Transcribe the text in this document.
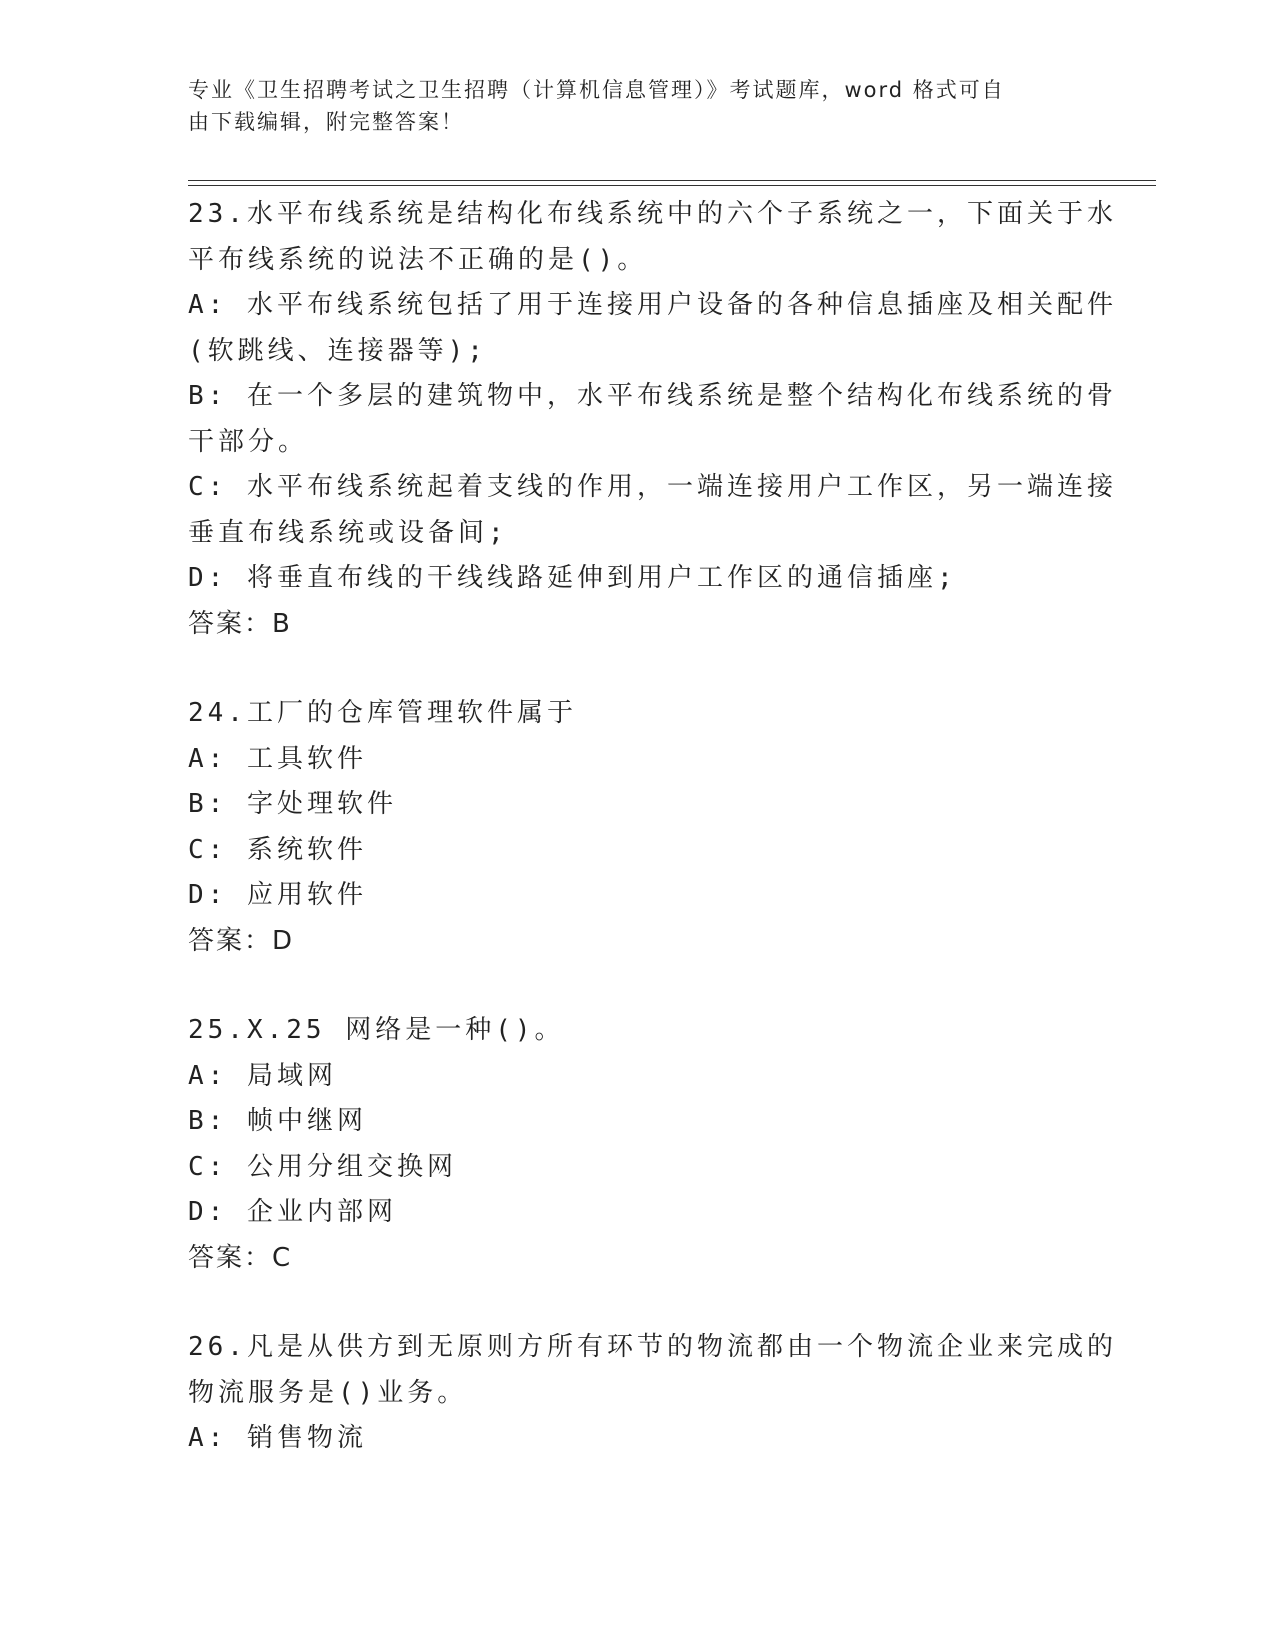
专业《卫生招聘考试之卫生招聘（计算机信息管理）》考试题库，word 格式可自
由下载编辑，附完整答案！
23.水平布线系统是结构化布线系统中的六个子系统之一，下面关于水
平布线系统的说法不正确的是()。
A: 水平布线系统包括了用于连接用户设备的各种信息插座及相关配件
(软跳线、连接器等);
B: 在一个多层的建筑物中，水平布线系统是整个结构化布线系统的骨
干部分。
C: 水平布线系统起着支线的作用，一端连接用户工作区，另一端连接
垂直布线系统或设备间;
D: 将垂直布线的干线线路延伸到用户工作区的通信插座;
答案：B
24.工厂的仓库管理软件属于
A: 工具软件
B: 字处理软件
C: 系统软件
D: 应用软件
答案：D
25.X.25 网络是一种()。
A: 局域网
B: 帧中继网
C: 公用分组交换网
D: 企业内部网
答案：C
26.凡是从供方到无原则方所有环节的物流都由一个物流企业来完成的
物流服务是()业务。
A: 销售物流
